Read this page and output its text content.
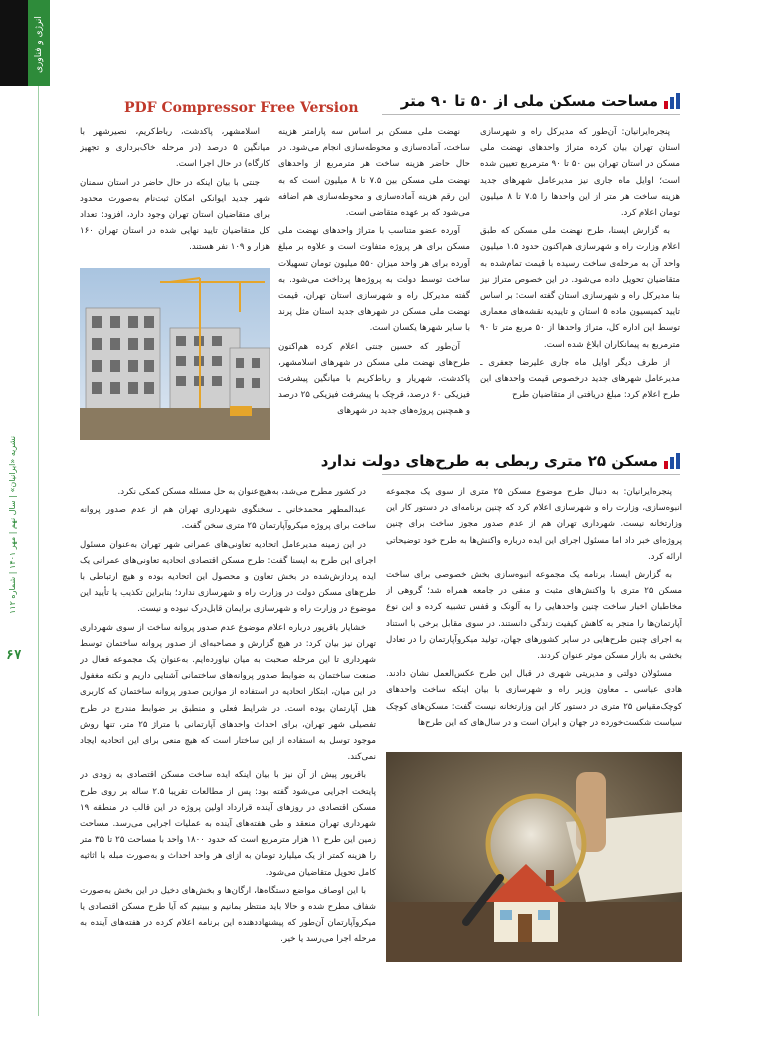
انرژی و فناوری
نشریه «ایرانیان» | سال نهم | مهر ۱۴۰۱ | شماره ۱۱۲
۶۷
PDF Compressor Free Version	مساحت مسکن ملی از ۵۰ تا ۹۰ متر

پنجره‌ایرانیان: آن‌طور که مدیرکل راه و شهرسازی استان تهران بیان کرده متراژ واحدهای نهضت ملی مسکن در استان تهران بین ۵۰ تا ۹۰ مترمربع تعیین شده است؛ اوایل ماه جاری نیز مدیرعامل شهرهای جدید هزینه ساخت هر متر از این واحدها را ۷.۵ تا ۸ میلیون تومان اعلام کرد.

به گزارش ایسنا، طرح نهضت ملی مسکن که طبق اعلام وزارت راه و شهرسازی هم‌اکنون حدود ۱.۵ میلیون واحد آن به مرحله‌ی ساخت رسیده با قیمت تمام‌شده به متقاضیان تحویل داده می‌شود. در این خصوص متراژ نیز بنا مدیرکل راه و شهرسازی استان گفته است: بر اساس تایید کمیسیون ماده ۵ استان و تاییدیه نقشه‌های معماری توسط این اداره کل، متراژ واحدها از ۵۰ مربع متر تا ۹۰ مترمربع به پیمانکاران ابلاغ شده است.

از طرف دیگر اوایل ماه جاری علیرضا جعفری ـ مدیرعامل شهرهای جدید درخصوص قیمت واحدهای این طرح اعلام کرد: مبلغ دریافتی از متقاضیان طرح

نهضت ملی مسکن بر اساس سه پارامتر هزینه ساخت، آماده‌سازی و محوطه‌سازی انجام می‌شود. در حال حاضر هزینه ساخت هر مترمربع از واحدهای نهضت ملی مسکن بین ۷.۵ تا ۸ میلیون است که به این رقم هزینه آماده‌سازی و محوطه‌سازی هم اضافه می‌شود که بر عهده متقاضی است.

آورده عضو متناسب با متراژ واحدهای نهضت ملی مسکن برای هر پروژه متفاوت است و علاوه بر مبلغ آورده برای هر واحد میزان ۵۵۰ میلیون تومان تسهیلات ساخت توسط دولت به پروژه‌ها پرداخت می‌شود. به گفته مدیرکل راه و شهرسازی استان تهران، قیمت نهضت ملی مسکن در شهرهای جدید استان مثل پرند با سایر شهرها یکسان است.

آن‌طور که حسین جنتی اعلام کرده هم‌اکنون طرح‌های نهضت ملی مسکن در شهرهای اسلامشهر، پاکدشت، شهریار و رباط‌کریم با میانگین پیشرفت فیزیکی ۶۰ درصد، قرچک با پیشرفت فیزیکی ۲۵ درصد و همچنین پروژه‌های جدید در شهرهای

اسلامشهر، پاکدشت، رباط‌کریم، نصیرشهر با میانگین ۵ درصد (در مرحله خاک‌برداری و تجهیز کارگاه) در حال اجرا است.

جنتی با بیان اینکه در حال حاضر در استان سمنان شهر جدید ایوانکی امکان ثبت‌نام به‌صورت محدود برای متقاضیان استان تهران وجود دارد، افزود: تعداد کل متقاضیان تایید نهایی شده در استان تهران ۱۶۰ هزار و ۱۰۹ نفر هستند.

مسکن ۲۵ متری ربطی به طرح‌های دولت ندارد

پنجره‌ایرانیان: به دنبال طرح موضوع مسکن ۲۵ متری از سوی یک مجموعه انبوه‌سازی، وزارت راه و شهرسازی اعلام کرد که چنین برنامه‌ای در دستور کار این وزارتخانه نیست. شهرداری تهران هم از عدم صدور مجوز ساخت برای چنین پروژه‌ای خبر داد اما مسئول اجرای این ایده درباره واکنش‌ها به طرح خود توضیحاتی ارائه کرد.

به گزارش ایسنا، برنامه یک مجموعه انبوه‌سازی بخش خصوصی برای ساخت مسکن ۲۵ متری با واکنش‌های مثبت و منفی در جامعه همراه شد؛ گروهی از مخاطبان اخبار ساخت چنین واحدهایی را به آلونک و قفس تشبیه کرده و این نوع آپارتمان‌ها را منجر به کاهش کیفیت زندگی دانستند. در سوی مقابل برخی با استناد به اجرای چنین طرح‌هایی در سایر کشورهای جهان، تولید میکروآپارتمان را در تعادل بخشی به بازار مسکن موثر عنوان کردند.

مسئولان دولتی و مدیریتی شهری در قبال این طرح عکس‌العمل نشان دادند. هادی عباسی ـ معاون وزیر راه و شهرسازی با بیان اینکه ساخت واحدهای کوچک‌مقیاس ۲۵ متری در دستور کار این وزارتخانه نیست گفت: مسکن‌های کوچک سیاست شکست‌خورده در جهان و ایران است و در سال‌های که این طرح‌ها

در کشور مطرح می‌شد، به‌هیچ‌عنوان به حل مسئله مسکن کمکی نکرد.

عبدالمطهر محمدخانی ـ سخنگوی شهرداری تهران هم از عدم صدور پروانه ساخت برای پروژه میکروآپارتمان ۲۵ متری سخن گفت.

در این زمینه مدیرعامل اتحادیه تعاونی‌های عمرانی شهر تهران به‌عنوان مسئول اجرای این طرح به ایسنا گفت: طرح مسکن اقتصادی اتحادیه تعاونی‌های عمرانی یک ایده پردازش‌شده در بخش تعاون و محصول این اتحادیه بوده و هیچ ارتباطی با طرح‌های مسکن دولت در وزارت راه و شهرسازی ندارد؛ بنابراین تکذیب یا تأیید این موضوع در وزارت راه و شهرسازی برایمان قابل‌درک نبوده و نیست.

خشایار باقرپور درباره اعلام موضوع عدم صدور پروانه ساخت از سوی شهرداری تهران نیز بیان کرد: در هیچ گزارش و مصاحبه‌ای از صدور پروانه ساختمان توسط شهرداری تا این مرحله صحبت به میان نیاورده‌ایم. به‌عنوان یک مجموعه فعال در صنعت ساختمان به ضوابط صدور پروانه‌های ساختمانی آشنایی داریم و نکته مغفول در این میان، ابتکار اتحادیه در استفاده از موازین صدور پروانه ساختمان که کاربری هتل آپارتمان بوده است. در شرایط فعلی و منطبق بر ضوابط مندرج در طرح تفصیلی شهر تهران، برای احداث واحدهای آپارتمانی با متراژ ۲۵ متر، تنها روش موجود توسل به استفاده از این ساختار است که هیچ منعی برای این اتحادیه ایجاد نمی‌کند.

باقرپور پیش از آن نیز با بیان اینکه ایده ساخت مسکن اقتصادی به زودی در پایتخت اجرایی می‌شود گفته بود: پس از مطالعات تقریبا ۲.۵ ساله بر روی طرح مسکن اقتصادی در روزهای آینده قرارداد اولین پروژه در این قالب در منطقه ۱۹ شهرداری تهران منعقد و طی هفته‌های آینده به عملیات اجرایی می‌رسد. مساحت زمین این طرح ۱۱ هزار مترمربع است که حدود ۱۸۰۰ واحد با مساحت ۲۵ تا ۳۵ متر را هزینه کمتر از یک میلیارد تومان به ازای هر واحد احداث و به‌صورت مبله با اثاثیه کامل تحویل متقاضیان می‌شود.

با این اوصاف مواضع دستگاه‌ها، ارگان‌ها و بخش‌های دخیل در این بخش به‌صورت شفاف مطرح شده و حالا باید منتظر بمانیم و ببینیم که آیا طرح مسکن اقتصادی یا میکروآپارتمان آن‌طور که پیشنهاددهنده این برنامه اعلام کرده در هفته‌های آینده به مرحله اجرا می‌رسد یا خیر.
